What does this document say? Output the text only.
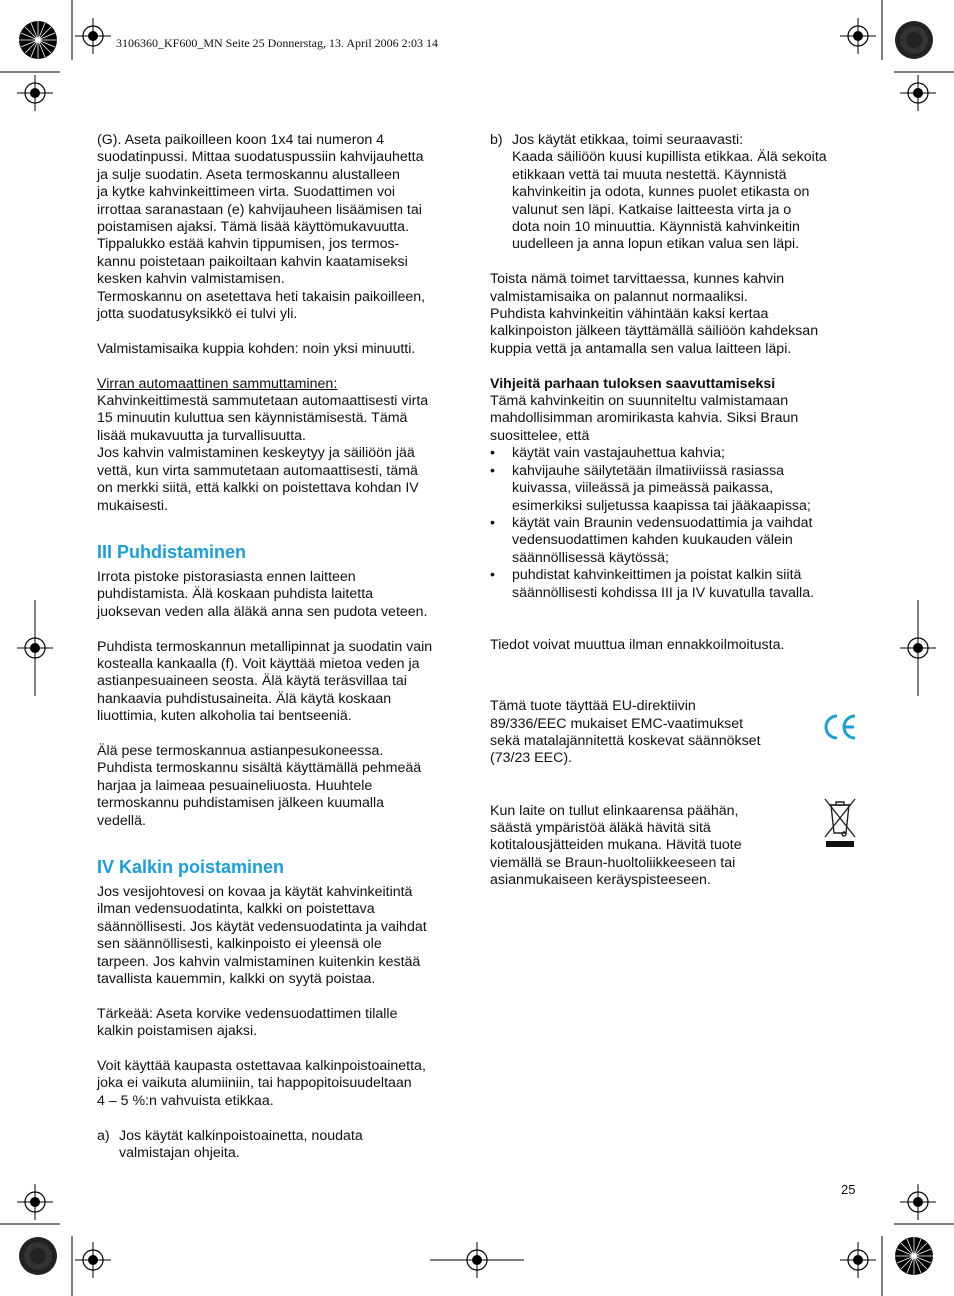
3106360_KF600_MN Seite 25 Donnerstag, 13. April 2006 2:03 14

(G). Aseta paikoilleen koon 1x4 tai numeron 4
suodatinpussi. Mittaa suodatuspussiin kahvijauhetta
ja sulje suodatin. Aseta termoskannu alustalleen
ja kytke kahvinkeittimeen virta. Suodattimen voi
irrottaa saranastaan (e) kahvijauheen lisäämisen tai
poistamisen ajaksi. Tämä lisää käyttömukavuutta.
Tippalukko estää kahvin tippumisen, jos termos-
kannu poistetaan paikoiltaan kahvin kaatamiseksi
kesken kahvin valmistamisen.
Termoskannu on asetettava heti takaisin paikoilleen,
jotta suodatusyksikkö ei tulvi yli.

Valmistamisaika kuppia kohden: noin yksi minuutti.

Virran automaattinen sammuttaminen:
Kahvinkeittimestä sammutetaan automaattisesti virta
15 minuutin kuluttua sen käynnistämisestä. Tämä
lisää mukavuutta ja turvallisuutta.
Jos kahvin valmistaminen keskeytyy ja säiliöön jää
vettä, kun virta sammutetaan automaattisesti, tämä
on merkki siitä, että kalkki on poistettava kohdan IV
mukaisesti.

III Puhdistaminen

Irrota pistoke pistorasiasta ennen laitteen
puhdistamista. Älä koskaan puhdista laitetta
juoksevan veden alla äläkä anna sen pudota veteen.

Puhdista termoskannun metallipinnat ja suodatin vain
kostealla kankaalla (f). Voit käyttää mietoa veden ja
astianpesuaineen seosta. Älä käytä teräsvillaa tai
hankaavia puhdistusaineita. Älä käytä koskaan
liuottimia, kuten alkoholia tai bentseeniä.

Älä pese termoskannua astianpesukoneessa.
Puhdista termoskannu sisältä käyttämällä pehmeää
harjaa ja laimeaa pesuaineliuosta. Huuhtele
termoskannu puhdistamisen jälkeen kuumalla
vedellä.

IV Kalkin poistaminen

Jos vesijohtovesi on kovaa ja käytät kahvinkeitintä
ilman vedensuodatinta, kalkki on poistettava
säännöllisesti. Jos käytät vedensuodatinta ja vaihdat
sen säännöllisesti, kalkinpoisto ei yleensä ole
tarpeen. Jos kahvin valmistaminen kuitenkin kestää
tavallista kauemmin, kalkki on syytä poistaa.

Tärkeää: Aseta korvike vedensuodattimen tilalle
kalkin poistamisen ajaksi.

Voit käyttää kaupasta ostettavaa kalkinpoistoainetta,
joka ei vaikuta alumiiniin, tai happopitoisuudeltaan
4 – 5 %:n vahvuista etikkaa.

a) Jos käytät kalkinpoistoainetta, noudata
valmistajan ohjeita.
b) Jos käytät etikkaa, toimi seuraavasti:
Kaada säiliöön kuusi kupillista etikkaa. Älä sekoita
etikkaan vettä tai muuta nestettä. Käynnistä
kahvinkeitin ja odota, kunnes puolet etikasta on
valunut sen läpi. Katkaise laitteesta virta ja o
dota noin 10 minuuttia. Käynnistä kahvinkeitin
uudelleen ja anna lopun etikan valua sen läpi.

Toista nämä toimet tarvittaessa, kunnes kahvin
valmistamisaika on palannut normaaliksi.
Puhdista kahvinkeitin vähintään kaksi kertaa
kalkinpoiston jälkeen täyttämällä säiliöön kahdeksan
kuppia vettä ja antamalla sen valua laitteen läpi.

Vihjeitä parhaan tuloksen saavuttamiseksi
Tämä kahvinkeitin on suunniteltu valmistamaan
mahdollisimman aromirikasta kahvia. Siksi Braun
suosittelee, että
• käytät vain vastajauhettua kahvia;
• kahvijauhe säilytetään ilmatiiviissä rasiassa
kuivassa, viileässä ja pimeässä paikassa,
esimerkiksi suljetussa kaapissa tai jääkaapissa;
• käytät vain Braunin vedensuodattimia ja vaihdat
vedensuodattimen kahden kuukauden välein
säännöllisessä käytössä;
• puhdistat kahvinkeittimen ja poistat kalkin siitä
säännöllisesti kohdissa III ja IV kuvatulla tavalla.

Tiedot voivat muuttua ilman ennakkoilmoitusta.

Tämä tuote täyttää EU-direktiivin
89/336/EEC mukaiset EMC-vaatimukset
sekä matalajännitettä koskevat säännökset
(73/23 EEC).
Kun laite on tullut elinkaarensa päähän,
säästä ympäristöä äläkä hävitä sitä
kotitalousjätteiden mukana. Hävitä tuote
viemällä se Braun-huoltoliikkeeseen tai
asianmukaiseen keräyspisteeseen.
25
